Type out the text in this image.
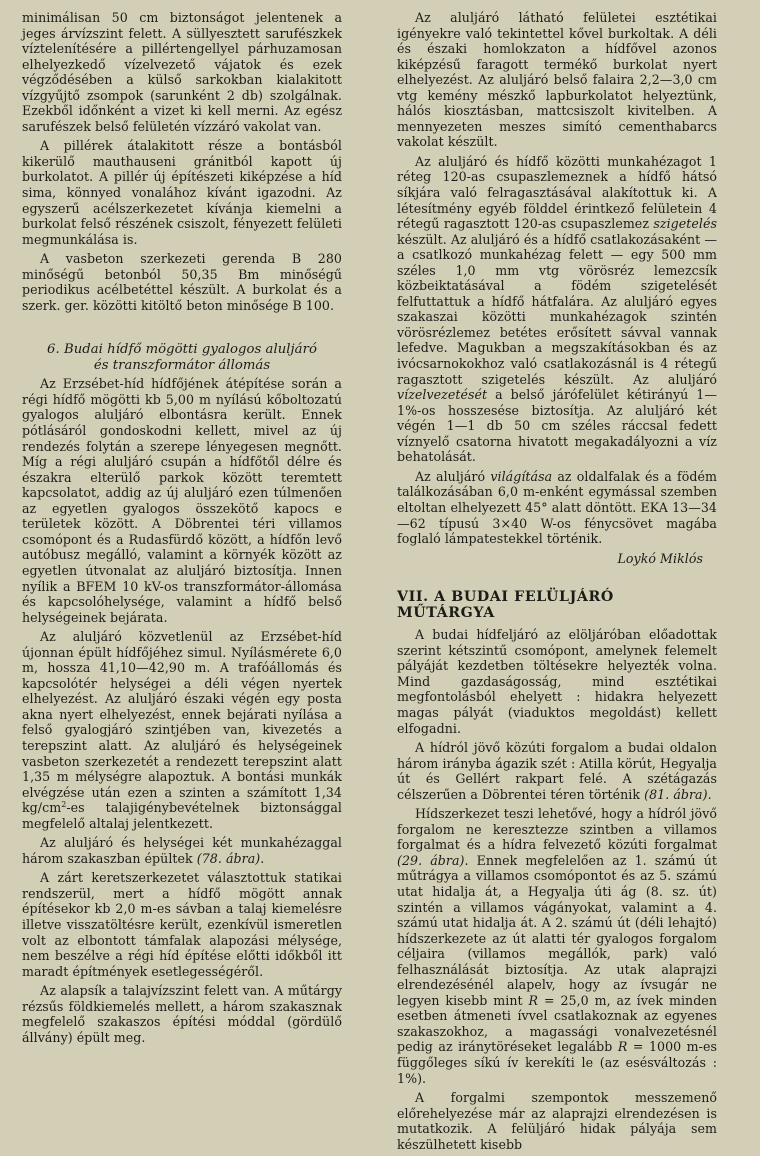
minimálisan 50 cm biztonságot jelentenek a jeges árvízszint felett. A süllyesztett sarufészkek víztelenítésére a pillértengellyel párhuzamosan elhelyezkedő vízelvezető vájatok és ezek végződésében a külső sarkokban kialakitott vízgyűjtő zsompok (sarunként 2 db) szolgálnak. Ezekből időnként a vizet ki kell merni. Az egész sarufészek belső felületén vízzáró vakolat van.

A pillérek átalakitott része a bontásból kikerülő mauthauseni gránitból kapott új burkolatot. A pillér új építészeti kiképzése a híd sima, könnyed vonalához kívánt igazodni. Az egyszerű acélszerkezetet kívánja kiemelni a burkolat felső részének csiszolt, fényezett felületi megmunkálása is.

A vasbeton szerkezeti gerenda B 280 minőségű betonból 50,35 Bm minőségű periodikus acélbetéttel készült. A burkolat és a szerk. ger. közötti kitöltő beton minősége B 100.

6. Budai hídfő mögötti gyalogos aluljáró
és transzformátor állomás

Az Erzsébet-híd hídfőjének átépítése során a régi hídfő mögötti kb 5,00 m nyílású kőboltozatú gyalogos aluljáró elbontásra került. Ennek pótlásáról gondoskodni kellett, mivel az új rendezés folytán a szerepe lényegesen megnőtt. Míg a régi aluljáró csupán a hídfőtől délre és északra elterülő parkok között teremtett kapcsolatot, addig az új aluljáró ezen túlmenően az egyetlen gyalogos összekötő kapocs e területek között. A Döbrentei téri villamos csomópont és a Rudasfürdő között, a hídfőn levő autóbusz megálló, valamint a környék között az egyetlen útvonalat az aluljáró biztosítja. Innen nyílik a BFEM 10 kV-os transzformátor-állomása és kapcsolóhelysége, valamint a hídfő belső helységeinek bejárata.

Az aluljáró közvetlenül az Erzsébet-híd újonnan épült hídfőjéhez simul. Nyílásmérete 6,0 m, hossza 41,10—42,90 m. A trafóállomás és kapcsolótér helységei a déli végen nyertek elhelyezést. Az aluljáró északi végén egy posta akna nyert elhelyezést, ennek bejárati nyílása a felső gyalogjáró szintjében van, kivezetés a terepszint alatt. Az aluljáró és helységeinek vasbeton szerkezetét a rendezett terepszint alatt 1,35 m mélységre alapoztuk. A bontási munkák elvégzése után ezen a szinten a számított 1,34 $kg/cm^2-es$ talajigénybevételnek biztonsággal megfelelő altalaj jelentkezett.

Az aluljáró és helységei két munkahézaggal három szakaszban épültek (78. ábra).

A zárt keretszerkezetet választottuk statikai rendszerül, mert a hídfő mögött annak építésekor kb 2,0 m-es sávban a talaj kiemelésre illetve visszatöltésre került, ezenkívül ismeretlen volt az elbontott támfalak alapozási mélysége, nem beszélve a régi híd építése előtti időkből itt maradt építmények esetlegességéről.

Az alapsík a talajvízszint felett van. A műtárgy rézsűs földkiemelés mellett, a három szakasznak megfelelő szakaszos építési móddal (gördülő állvány) épült meg.

Az aluljáró látható felületei esztétikai igényekre való tekintettel kővel burkoltak. A déli és északi homlokzaton a hídfővel azonos kiképzésű faragott termékő burkolat nyert elhelyezést. Az aluljáró belső falaira 2,2—3,0 cm vtg kemény mészkő lapburkolatot helyeztünk, hálós kiosztásban, mattcsiszolt kivitelben. A mennyezeten meszes simító cementhabarcs vakolat készült.

Az aluljáró és hídfő közötti munkahézagot 1 réteg 120-as csupaszlemeznek a hídfő hátsó síkjára való felragasztásával alakítottuk ki. A létesítmény egyéb földdel érintkező felületein 4 rétegű ragasztott 120-as csupaszlemez szigetelés készült. Az aluljáró és a hídfő csatlakozásaként — a csatlkozó munkahézag felett — egy 500 mm széles 1,0 mm vtg vörösréz lemezcsík közbeiktatásával a födém szigetelését felfuttattuk a hídfő hátfalára. Az aluljáró egyes szakaszai közötti munkahézagok szintén vörösrézlemez betétes erősített sávval vannak lefedve. Magukban a megszakításokban és az ivócsarnokokhoz való csatlakozásnál is 4 rétegű ragasztott szigetelés készült. Az aluljáró vízelvezetését a belső járófelület kétirányú 1—1%-os hosszesése biztosítja. Az aluljáró két végén 1—1 db 50 cm széles ráccsal fedett víznyelő csatorna hivatott megakadályozni a víz behatolását.

Az aluljáró világítása az oldalfalak és a födém találkozásában 6,0 m-enként egymással szemben eltoltan elhelyezett 45° alatt döntött. EKA 13—34—62 típusú 3×40 W-os fénycsövet magába foglaló lámpatestekkel történik.

Loykó Miklós

VII. A BUDAI FELÜLJÁRÓ MŰTÁRGYA

A budai hídfeljáró az elöljáróban előadottak szerint kétszintű csomópont, amelynek felemelt pályáját kezdetben töltésekre helyezték volna. Mind gazdaságosság, mind esztétikai megfontolásból ehelyett : hidakra helyezett magas pályát (viaduktos megoldást) kellett elfogadni.

A hídról jövő közúti forgalom a budai oldalon három irányba ágazik szét : Atilla körút, Hegyalja út és Gellért rakpart felé. A szétágazás célszerűen a Döbrentei téren történik (81. ábra).

Hídszerkezet teszi lehetővé, hogy a hídról jövő forgalom ne keresztezze szintben a villamos forgalmat és a hídra felvezető közúti forgalmat (29. ábra). Ennek megfelelően az 1. számú út műtrágya a villamos csomópontot és az 5. számú utat hidalja át, a Hegyalja úti ág (8. sz. út) szintén a villamos vágányokat, valamint a 4. számú utat hidalja át. A 2. számú út (déli lehajtó) hídszerkezete az út alatti tér gyalogos forgalom céljaira (villamos megállók, park) való felhasználását biztosítja. Az utak alaprajzi elrendezésénél alapelv, hogy az ívsugár ne legyen kisebb mint R = 25,0 m, az ívek minden esetben átmeneti ívvel csatlakoznak az egyenes szakaszokhoz, a magassági vonalvezetésnél pedig az iránytöréseket legalább R = 1000 m-es függőleges síkú ív kerekíti le (az esésváltozás : 1%).

A forgalmi szempontok messzemenő előrehelyezése már az alaprajzi elrendezésen is mutatkozik. A felüljáró hidak pályája sem készülhetett kisebb
